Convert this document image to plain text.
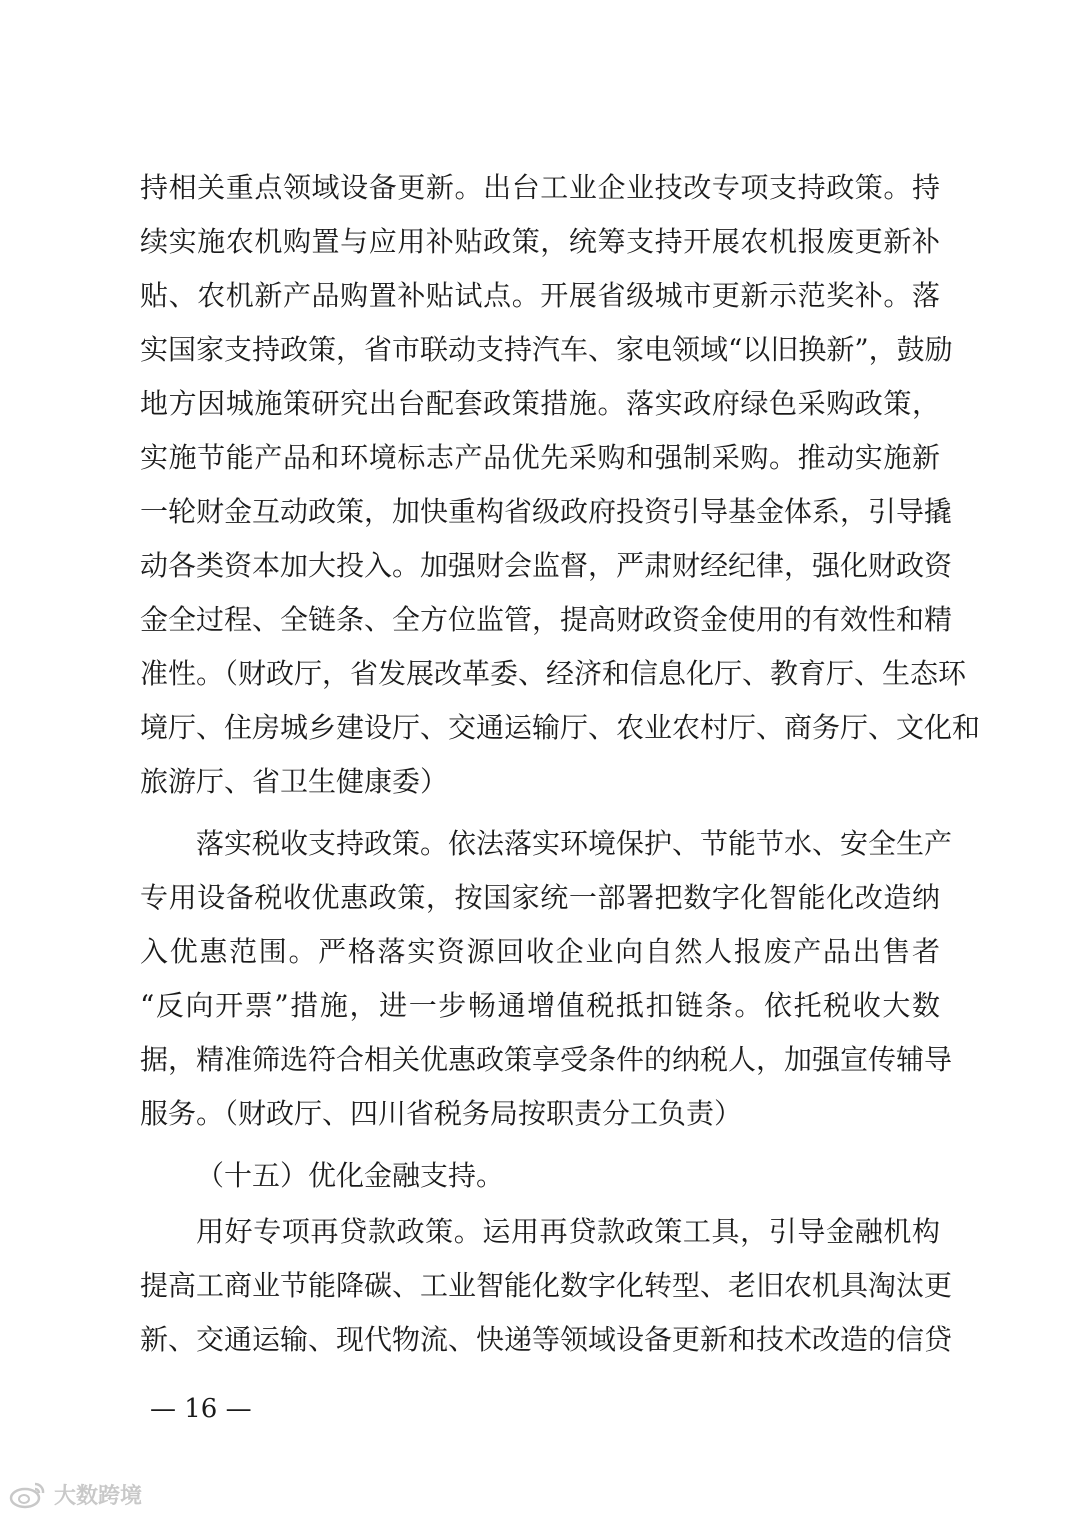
持相关重点领域设备更新。出台工业企业技改专项支持政策。持
续实施农机购置与应用补贴政策，统筹支持开展农机报废更新补
贴、农机新产品购置补贴试点。开展省级城市更新示范奖补。落
实国家支持政策，省市联动支持汽车、家电领域“以旧换新”，鼓励
地方因城施策研究出台配套政策措施。落实政府绿色采购政策，
实施节能产品和环境标志产品优先采购和强制采购。推动实施新
一轮财金互动政策，加快重构省级政府投资引导基金体系，引导撬
动各类资本加大投入。加强财会监督，严肃财经纪律，强化财政资
金全过程、全链条、全方位监管，提高财政资金使用的有效性和精
准性。（财政厅，省发展改革委、经济和信息化厅、教育厅、生态环
境厅、住房城乡建设厅、交通运输厅、农业农村厅、商务厅、文化和
旅游厅、省卫生健康委）
落实税收支持政策。依法落实环境保护、节能节水、安全生产
专用设备税收优惠政策，按国家统一部署把数字化智能化改造纳
入优惠范围。严格落实资源回收企业向自然人报废产品出售者
“反向开票”措施，进一步畅通增值税抵扣链条。依托税收大数
据，精准筛选符合相关优惠政策享受条件的纳税人，加强宣传辅导
服务。（财政厅、四川省税务局按职责分工负责）
（十五）优化金融支持。
用好专项再贷款政策。运用再贷款政策工具，引导金融机构
提高工商业节能降碳、工业智能化数字化转型、老旧农机具淘汰更
新、交通运输、现代物流、快递等领域设备更新和技术改造的信贷
— 16 —
大数跨境
